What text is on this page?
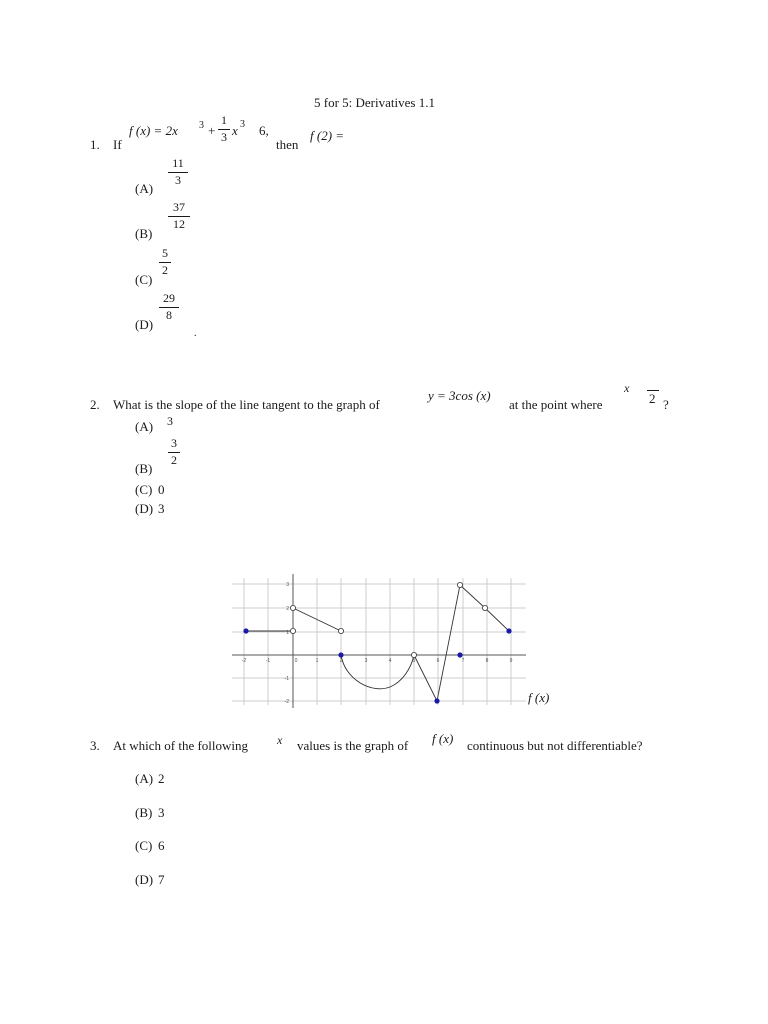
5 for 5: Derivatives 1.1
1. If
f (x) = 2x 3 +
1
3 x 3 6,
then
f (2) =
(A)
11
3
(B)
37
12
(C)
5
2
(D)
29
8
.
2. What is the slope of the line tangent to the graph of
y = 3cos (x)
at the point where
x
2 ?
(A) 3
(B)
3
2
(C) 0
(D) 3
-2	-1	0	1	2	3	4	5	6	7	8	9
3
2
1
-1
-2	f (x)
3. At which of the following x values is the graph of f (x) continuous but not differentiable?
(A) 2
(B) 3
(C) 6
(D) 7
